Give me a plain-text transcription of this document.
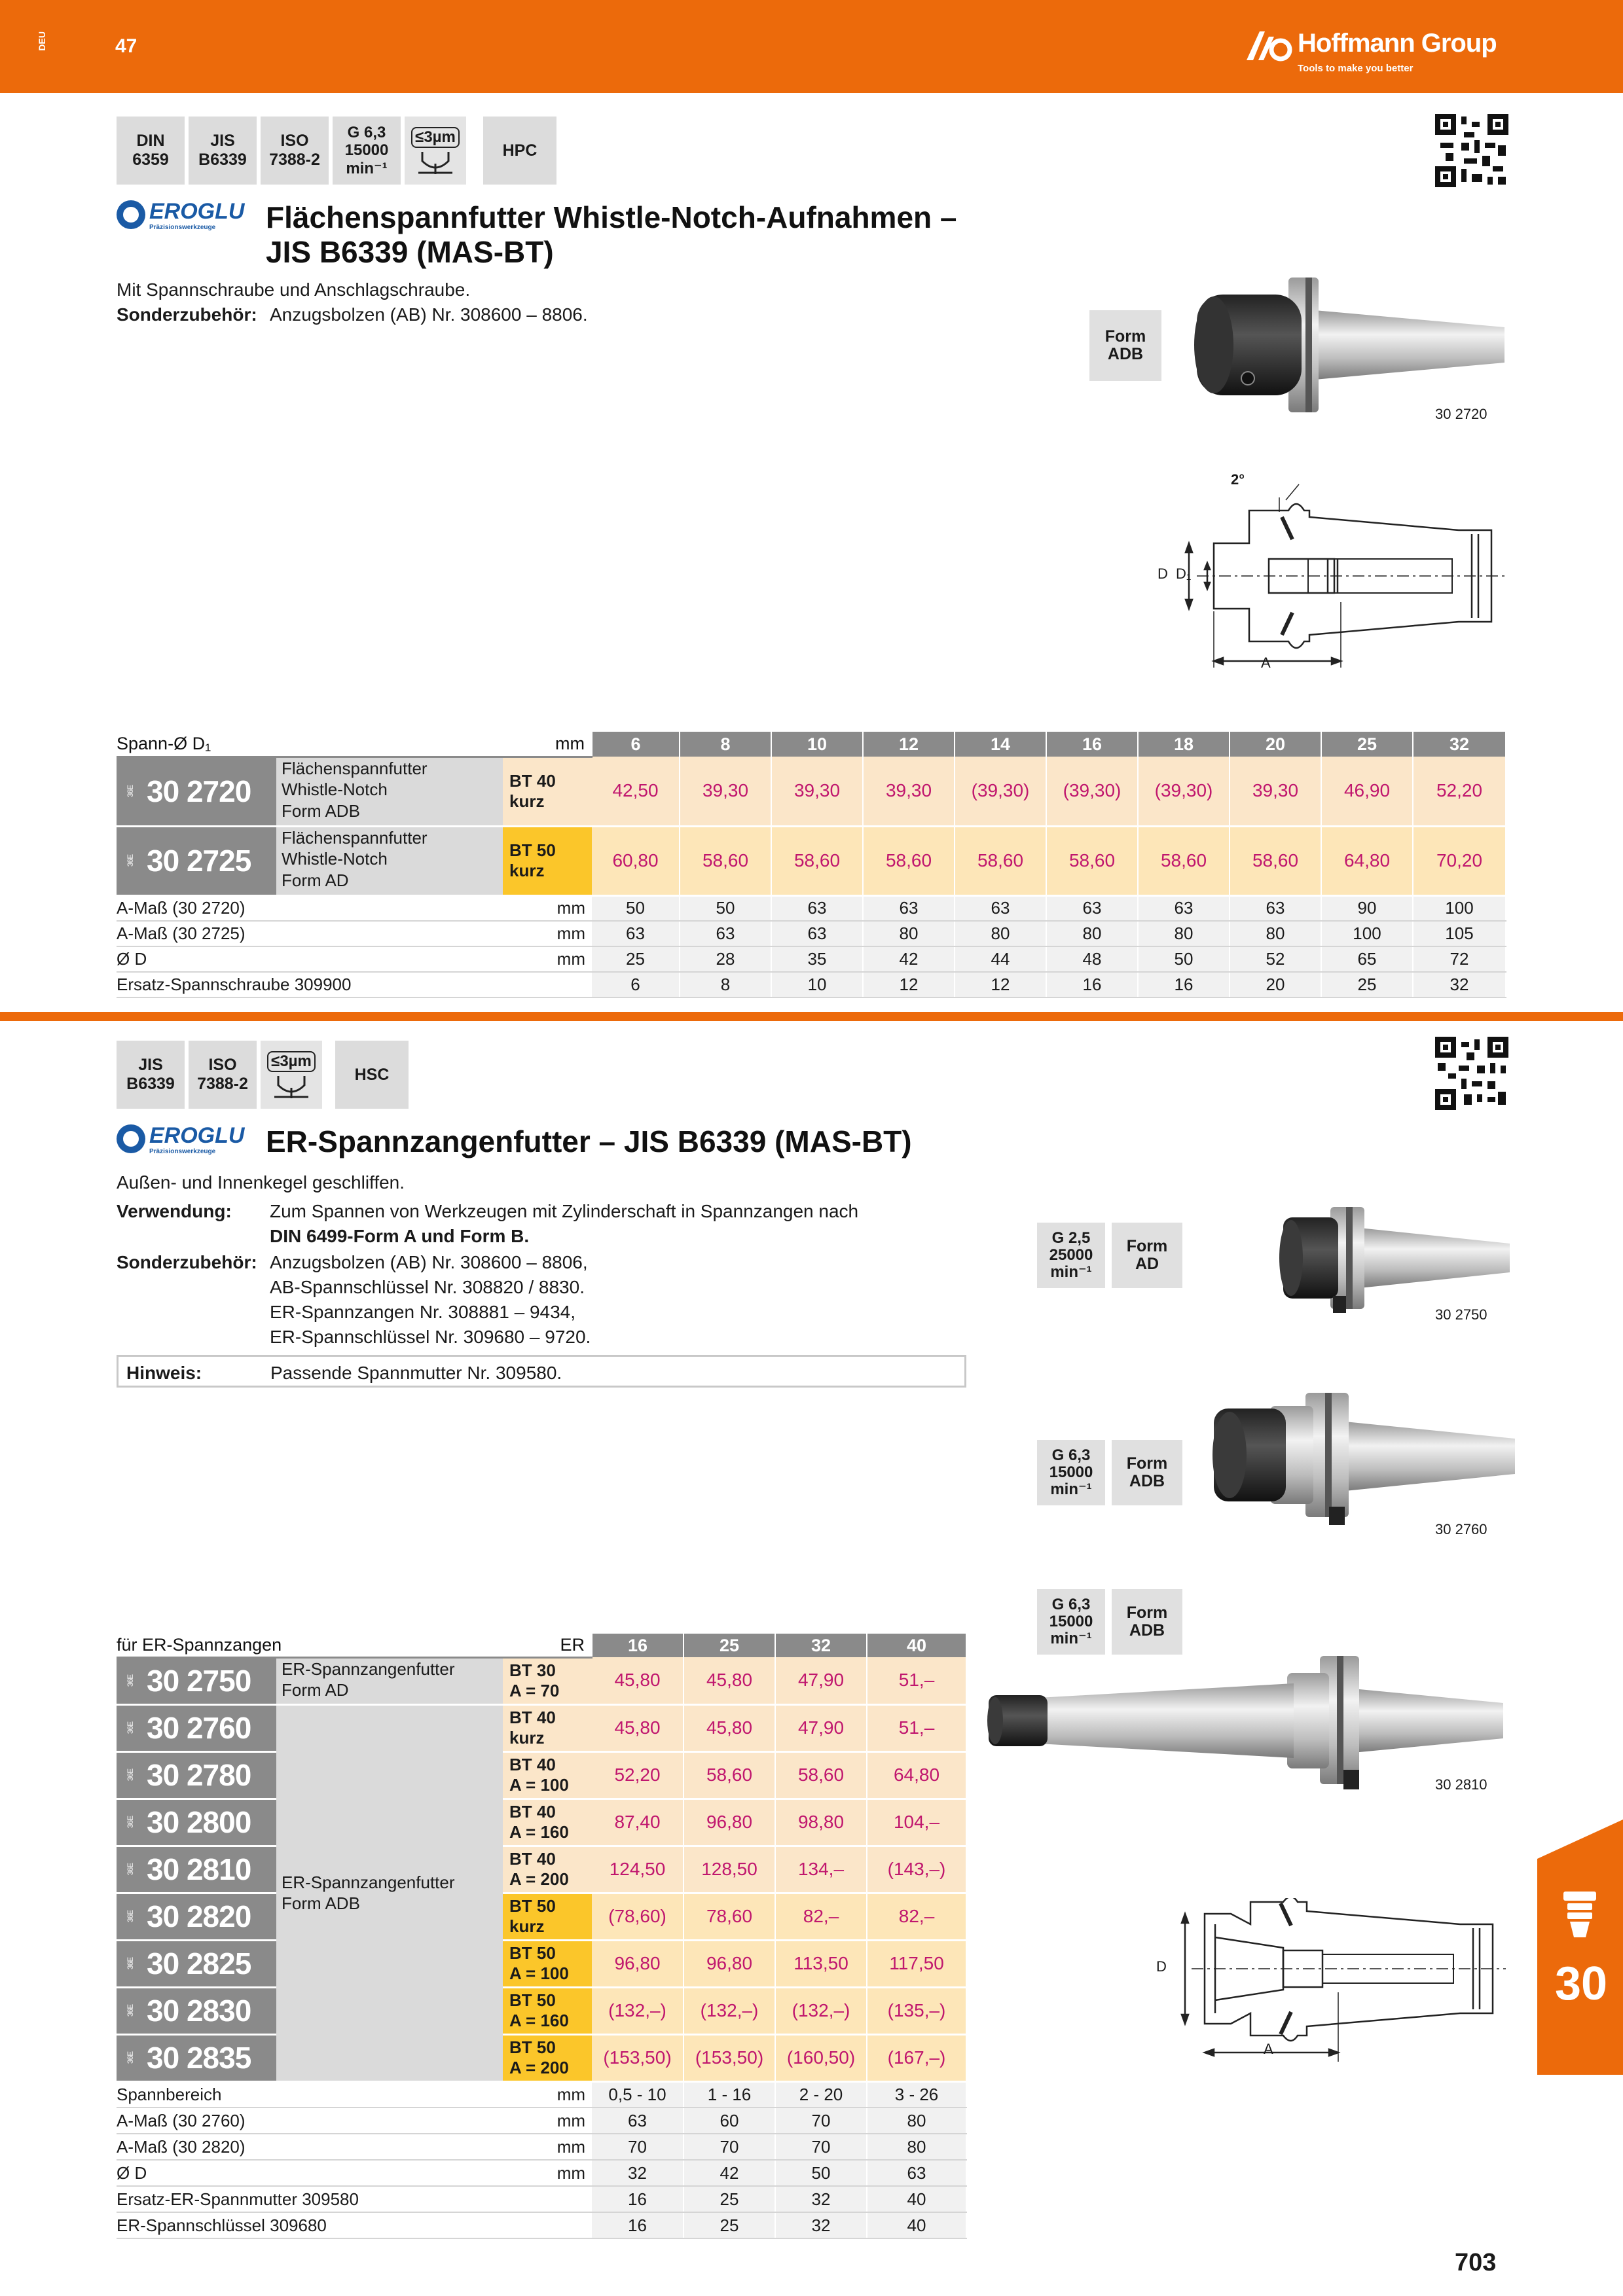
DEU	47	Hoffmann Group
Tools to make you better
DIN
6359
JIS
B6339
ISO
7388-2
G 6,3
15000
min⁻¹
≤3µm
HPC
EROGLU
Präzisionswerkzeuge Flächenspannfutter Whistle-Notch-Aufnahmen –
JIS B6339 (MAS-BT)
Mit Spannschraube und Anschlagschraube.
Sonderzubehör: Anzugsbolzen (AB) Nr. 308600 – 8806.
Form
ADB
30 2720
2°
D D₁
A
Spann-Ø D₁		mm	6	8	10	12	14	16	18	20	25	32

36E 30 2720	Flächenspannfutter
Whistle-Notch
Form ADB	BT 40
kurz	42,50	39,30	39,30	39,30	(39,30)	(39,30)	(39,30)	39,30	46,90	52,20

36E 30 2725	Flächenspannfutter
Whistle-Notch
Form AD	BT 50
kurz	60,80	58,60	58,60	58,60	58,60	58,60	58,60	58,60	64,80	70,20
A-Maß (30 2720)		mm	50	50	63	63	63	63	63	63	90	100
A-Maß (30 2725)		mm	63	63	63	80	80	80	80	80	100	105
Ø D		mm	25	28	35	42	44	48	50	52	65	72
Ersatz-Spannschraube 309900			6	8	10	12	12	16	16	20	25	32
JIS
B6339
ISO
7388-2
≤3µm
HSC
EROGLU
Präzisionswerkzeuge ER-Spannzangenfutter – JIS B6339 (MAS-BT)
Außen- und Innenkegel geschliffen.
Verwendung: Zum Spannen von Werkzeugen mit Zylinderschaft in Spannzangen nach
DIN 6499-Form A und Form B.
Sonderzubehör: Anzugsbolzen (AB) Nr. 308600 – 8806,
AB-Spannschlüssel Nr. 308820 / 8830.
ER-Spannzangen Nr. 308881 – 9434,
ER-Spannschlüssel Nr. 309680 – 9720.
Hinweis:	Passende Spannmutter Nr. 309580.
G 2,5
25000
min⁻¹
Form
AD
30 2750
G 6,3
15000
min⁻¹
Form
ADB
30 2760
G 6,3
15000
min⁻¹
Form
ADB
30 2810
D
A
für ER-Spannzangen		ER	16	25	32	40

36E 30 2750	ER-Spannzangenfutter
Form AD	BT 30
A = 70	45,80	45,80	47,90	51,–

36E 30 2760	ER-Spannzangenfutter
Form ADB	BT 40
kurz	45,80	45,80	47,90	51,–

36E 30 2780		BT 40
A = 100	52,20	58,60	58,60	64,80

36E 30 2800		BT 40
A = 160	87,40	96,80	98,80	104,–

36E 30 2810		BT 40
A = 200	124,50	128,50	134,–	(143,–)

36E 30 2820		BT 50
kurz	(78,60)	78,60	82,–	82,–

36E 30 2825		BT 50
A = 100	96,80	96,80	113,50	117,50

36E 30 2830		BT 50
A = 160	(132,–)	(132,–)	(132,–)	(135,–)

36E 30 2835		BT 50
A = 200	(153,50)	(153,50)	(160,50)	(167,–)
Spannbereich		mm	0,5 - 10	1 - 16	2 - 20	3 - 26
A-Maß (30 2760)		mm	63	60	70	80
A-Maß (30 2820)		mm	70	70	70	80
Ø D		mm	32	42	50	63
Ersatz-ER-Spannmutter 309580			16	25	32	40
ER-Spannschlüssel 309680			16	25	32	40
30
703
